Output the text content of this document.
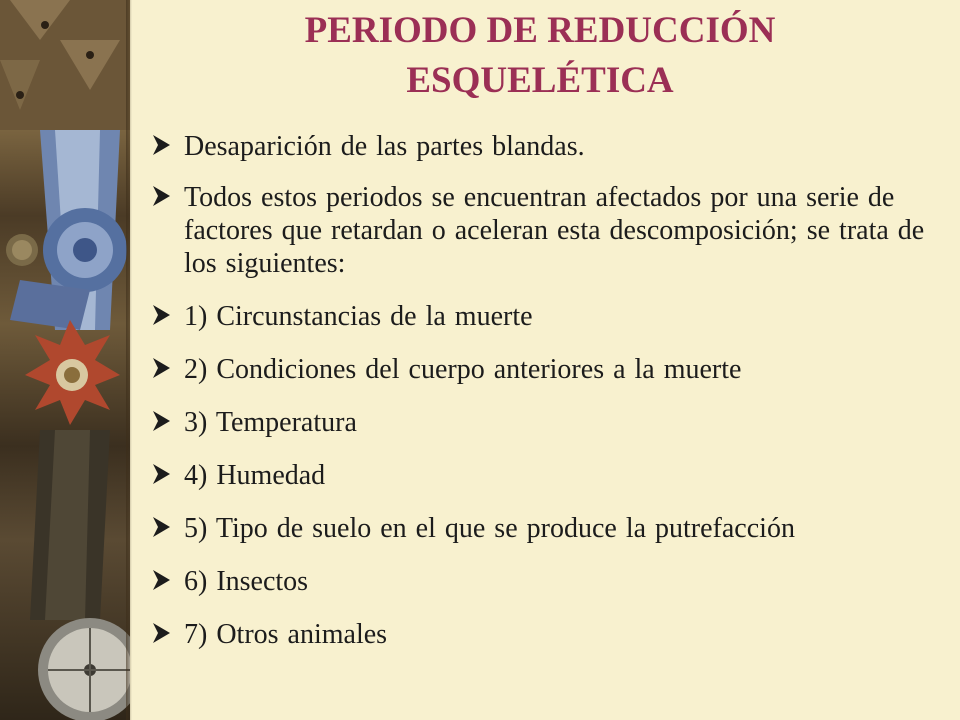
PERIODO DE REDUCCIÓN
ESQUELÉTICA
Desaparición de las partes blandas.
Todos estos periodos se encuentran afectados por una serie de factores que retardan o aceleran esta descomposición; se trata de los siguientes:
1) Circunstancias de la muerte
2) Condiciones del cuerpo anteriores a la muerte
3) Temperatura
4) Humedad
5) Tipo de suelo en el que se produce la putrefacción
6) Insectos
7) Otros animales
